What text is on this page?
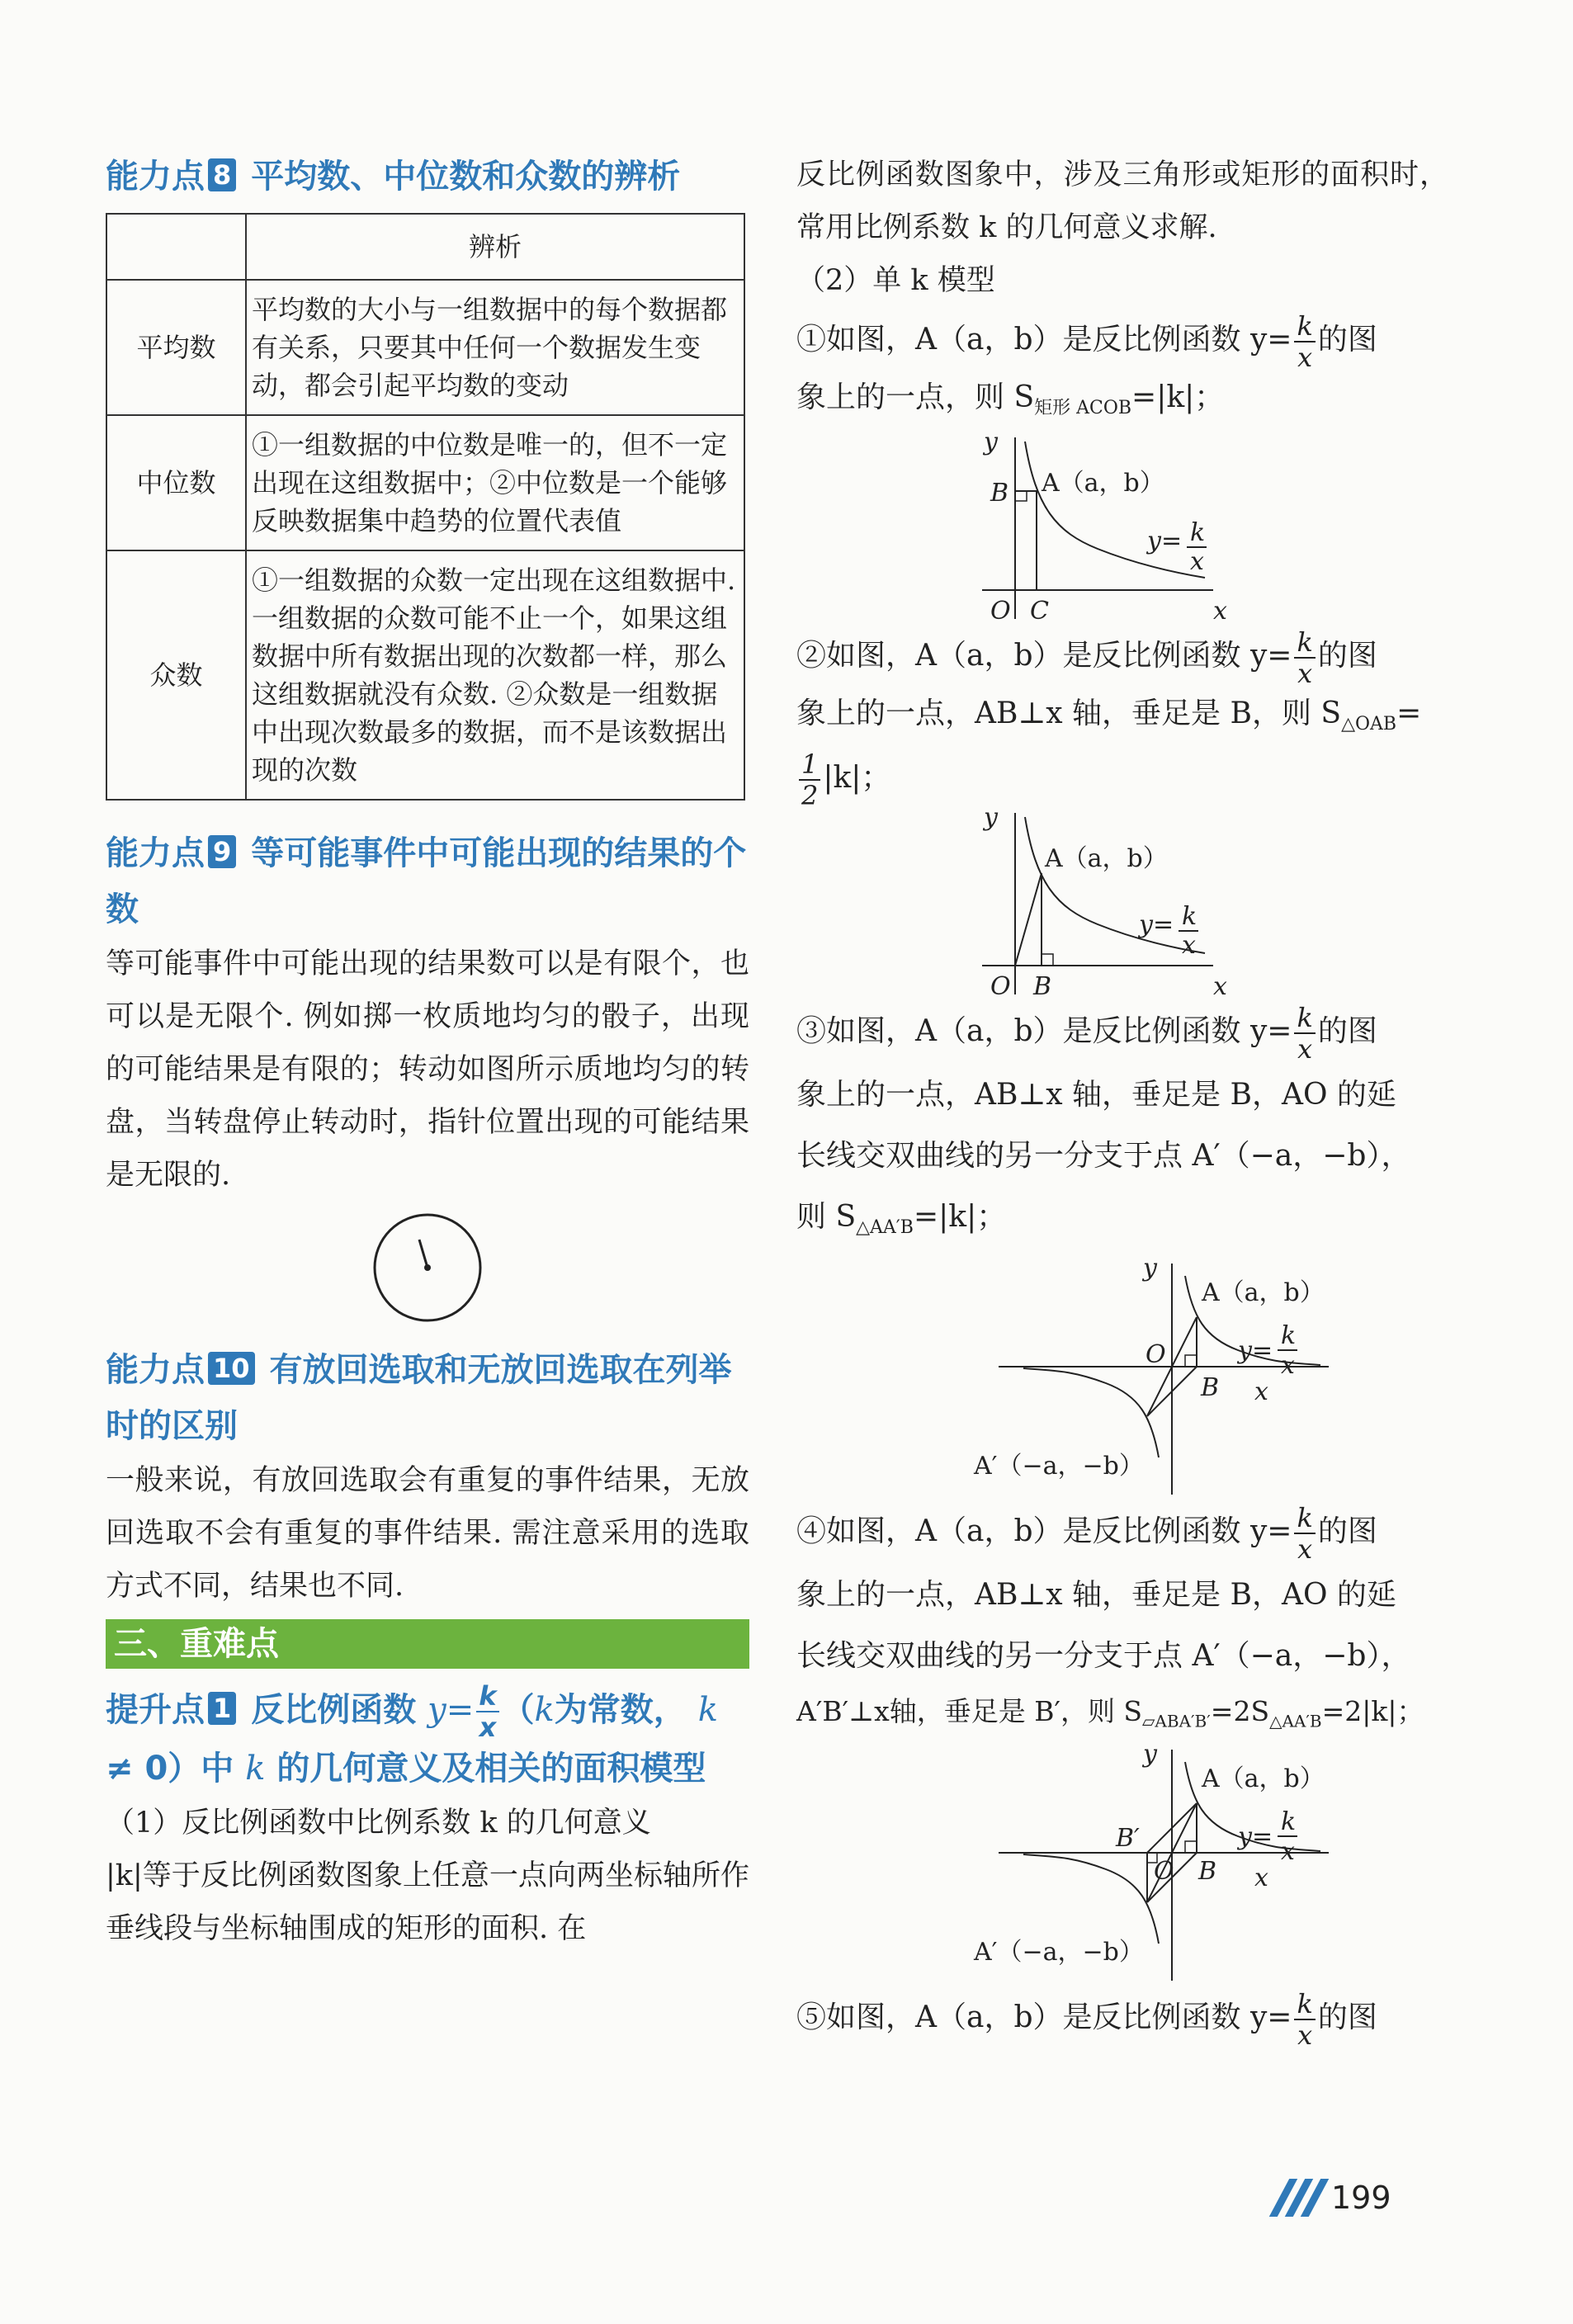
能力点 8 平均数、中位数和众数的辨析
	辨析
平均数	平均数的大小与一组数据中的每个数据都有关系，只要其中任何一个数据发生变动，都会引起平均数的变动
中位数	①一组数据的中位数是唯一的，但不一定出现在这组数据中；②中位数是一个能够反映数据集中趋势的位置代表值
众数	①一组数据的众数一定出现在这组数据中. 一组数据的众数可能不止一个，如果这组数据中所有数据出现的次数都一样，那么这组数据就没有众数. ②众数是一组数据中出现次数最多的数据，而不是该数据出现的次数
能力点 9 等可能事件中可能出现的结果的个数

等可能事件中可能出现的结果数可以是有限个，也可以是无限个. 例如掷一枚质地均匀的骰子，出现的可能结果是有限的；转动如图所示质地均匀的转盘，当转盘停止转动时，指针位置出现的可能结果是无限的.

能力点 10 有放回选取和无放回选取在列举时的区别

一般来说，有放回选取会有重复的事件结果，无放回选取不会有重复的事件结果. 需注意采用的选取方式不同，结果也不同.

三、重难点
提升点 1 反比例函数 $y= \frac{k}{x} (k$为常数， k ≠ 0）中 k 的几何意义及相关的面积模型

（1）反比例函数中比例系数 k 的几何意义

|k|等于反比例函数图象上任意一点向两坐标轴所作垂线段与坐标轴围成的矩形的面积. 在

反比例函数图象中，涉及三角形或矩形的面积时，常用比例系数 k 的几何意义求解.

（2）单 k 模型

①如图，A（a，b）是反比例函数 $y= \frac{k}{x}$ 的图

象上的一点，则 $S_{矩形 ACOB}=|k|$；

y
x
O C
B A（a，b）
y= k
x

②如图，A（a，b）是反比例函数 $y= \frac{k}{x}$ 的图

象上的一点，AB⊥x 轴，垂足是 B，则 $S_{\triangle OAB}=$

$\frac{1}{2} |k|$；

y
x
O B
A（a，b）
y= k
x

③如图，A（a，b）是反比例函数 $y= \frac{k}{x}$ 的图

象上的一点，AB⊥x 轴，垂足是 B，AO 的延

长线交双曲线的另一分支于点 A′（−a，−b），

则 $S_{\triangle AA'B}=|k|$；

y
x
O
B
A（a，b）
A′（−a，−b）
y=
k
x

④如图，A（a，b）是反比例函数 $y= \frac{k}{x}$ 的图

象上的一点，AB⊥x 轴，垂足是 B，AO 的延

长线交双曲线的另一分支于点 A′（−a，−b），

A′B′⊥x轴，垂足是 B′，则 $S_{▱ABA'B'}=2S_{\triangle AA'B}=2|k|$；

y
x
O B
B′
A（a，b）
A′（−a，−b）
y=
k
x

⑤如图，A（a，b）是反比例函数 $y= \frac{k}{x}$ 的图

199
